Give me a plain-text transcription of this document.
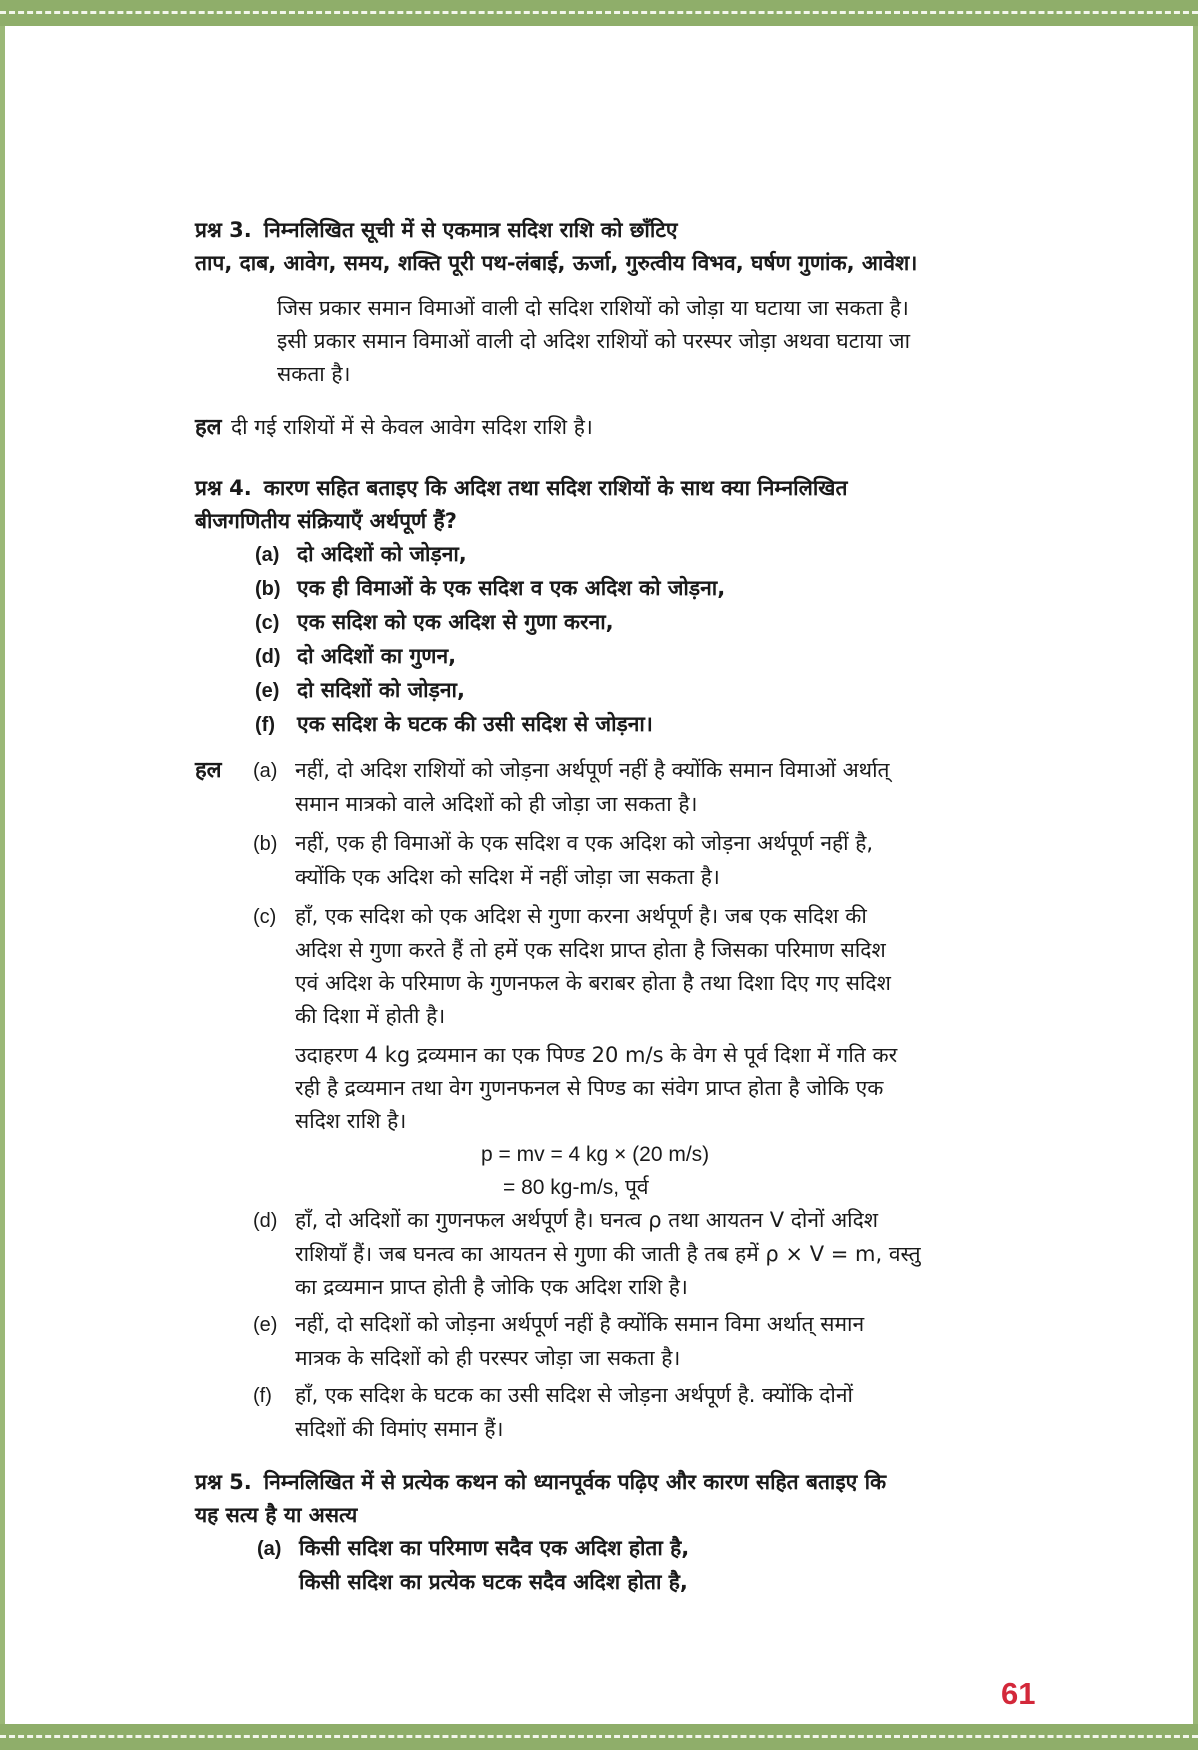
प्रश्न 3. निम्नलिखित सूची में से एकमात्र सदिश राशि को छाँटिए
ताप, दाब, आवेग, समय, शक्ति पूरी पथ-लंबाई, ऊर्जा, गुरुत्वीय विभव, घर्षण गुणांक, आवेश।
जिस प्रकार समान विमाओं वाली दो सदिश राशियों को जोड़ा या घटाया जा सकता है।
इसी प्रकार समान विमाओं वाली दो अदिश राशियों को परस्पर जोड़ा अथवा घटाया जा
सकता है।
हल दी गई राशियों में से केवल आवेग सदिश राशि है।
प्रश्न 4. कारण सहित बताइए कि अदिश तथा सदिश राशियों के साथ क्या निम्नलिखित
बीजगणितीय संक्रियाएँ अर्थपूर्ण हैं?
(a) दो अदिशों को जोड़ना,
(b) एक ही विमाओं के एक सदिश व एक अदिश को जोड़ना,
(c) एक सदिश को एक अदिश से गुणा करना,
(d) दो अदिशों का गुणन,
(e) दो सदिशों को जोड़ना,
(f) एक सदिश के घटक की उसी सदिश से जोड़ना।
हल (a) नहीं, दो अदिश राशियों को जोड़ना अर्थपूर्ण नहीं है क्योंकि समान विमाओं अर्थात्
समान मात्रको वाले अदिशों को ही जोड़ा जा सकता है।
(b) नहीं, एक ही विमाओं के एक सदिश व एक अदिश को जोड़ना अर्थपूर्ण नहीं है,
क्योंकि एक अदिश को सदिश में नहीं जोड़ा जा सकता है।
(c) हाँ, एक सदिश को एक अदिश से गुणा करना अर्थपूर्ण है। जब एक सदिश की
अदिश से गुणा करते हैं तो हमें एक सदिश प्राप्त होता है जिसका परिमाण सदिश
एवं अदिश के परिमाण के गुणनफल के बराबर होता है तथा दिशा दिए गए सदिश
की दिशा में होती है।
उदाहरण 4 kg द्रव्यमान का एक पिण्ड 20 m/s के वेग से पूर्व दिशा में गति कर
रही है द्रव्यमान तथा वेग गुणनफनल से पिण्ड का संवेग प्राप्त होता है जोकि एक
सदिश राशि है।
p = mv = 4 kg × (20 m/s)
= 80 kg-m/s, पूर्व
(d) हाँ, दो अदिशों का गुणनफल अर्थपूर्ण है। घनत्व ρ तथा आयतन V दोनों अदिश
राशियाँ हैं। जब घनत्व का आयतन से गुणा की जाती है तब हमें ρ × V = m, वस्तु
का द्रव्यमान प्राप्त होती है जोकि एक अदिश राशि है।
(e) नहीं, दो सदिशों को जोड़ना अर्थपूर्ण नहीं है क्योंकि समान विमा अर्थात् समान
मात्रक के सदिशों को ही परस्पर जोड़ा जा सकता है।
(f) हाँ, एक सदिश के घटक का उसी सदिश से जोड़ना अर्थपूर्ण है. क्योंकि दोनों
सदिशों की विमांए समान हैं।
प्रश्न 5. निम्नलिखित में से प्रत्येक कथन को ध्यानपूर्वक पढ़िए और कारण सहित बताइए कि
यह सत्य है या असत्य
(a) किसी सदिश का परिमाण सदैव एक अदिश होता है,
किसी सदिश का प्रत्येक घटक सदैव अदिश होता है,
61
